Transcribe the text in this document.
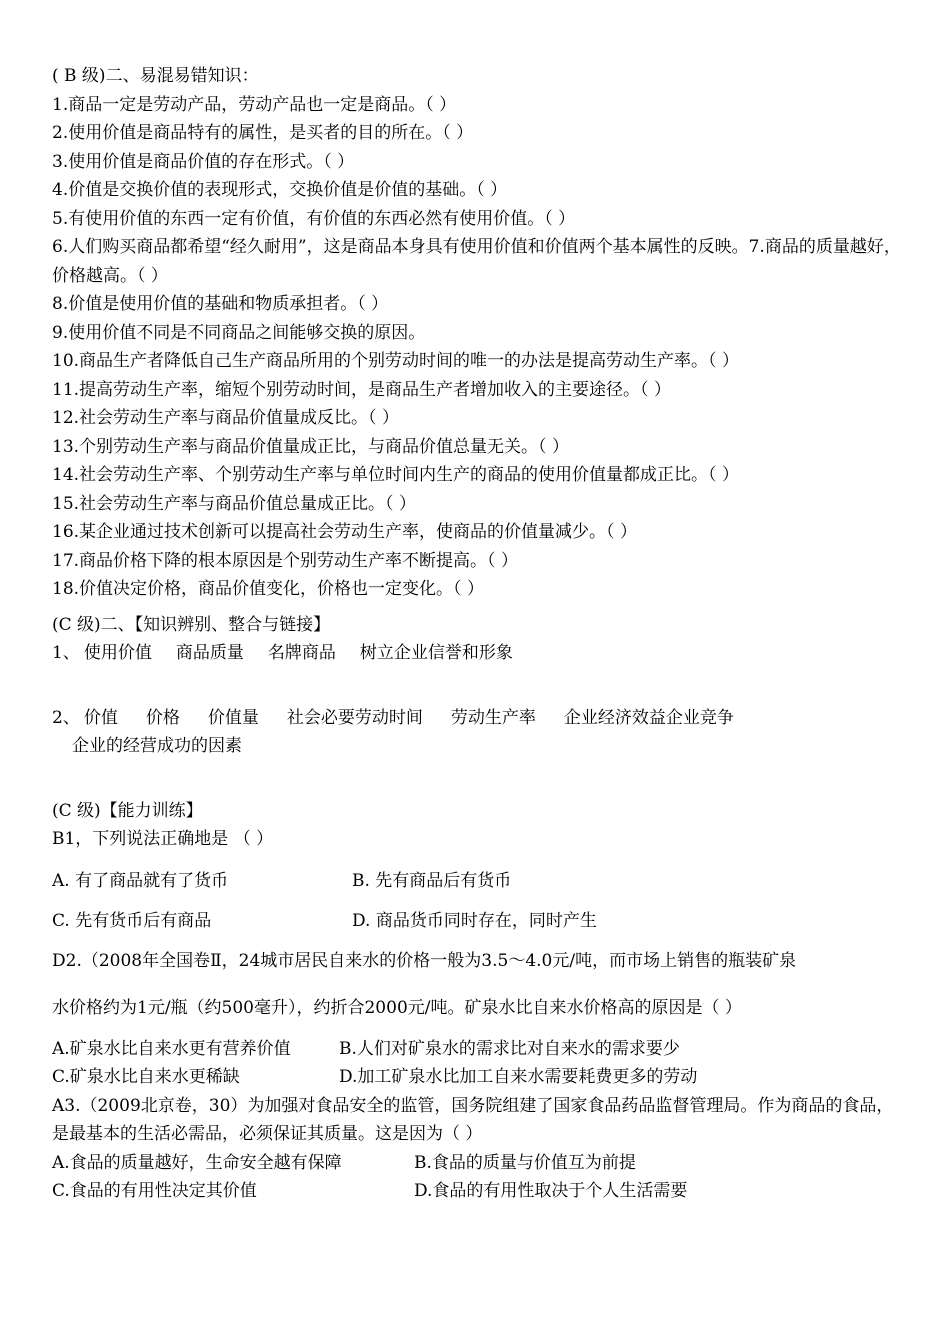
( B 级)二、易混易错知识：
1.商品一定是劳动产品，劳动产品也一定是商品。（ ）
2.使用价值是商品特有的属性，是买者的目的所在。（ ）
3.使用价值是商品价值的存在形式。（ ）
4.价值是交换价值的表现形式，交换价值是价值的基础。（ ）
5.有使用价值的东西一定有价值，有价值的东西必然有使用价值。（ ）
6.人们购买商品都希望“经久耐用”，这是商品本身具有使用价值和价值两个基本属性的反映。7.商品的质量越好，价格越高。（ ）
8.价值是使用价值的基础和物质承担者。（ ）
9.使用价值不同是不同商品之间能够交换的原因。
10.商品生产者降低自己生产商品所用的个别劳动时间的唯一的办法是提高劳动生产率。（ ）
11.提高劳动生产率，缩短个别劳动时间，是商品生产者增加收入的主要途径。（ ）
12.社会劳动生产率与商品价值量成反比。（ ）
13.个别劳动生产率与商品价值量成正比，与商品价值总量无关。（ ）
14.社会劳动生产率、个别劳动生产率与单位时间内生产的商品的使用价值量都成正比。（ ）
15.社会劳动生产率与商品价值总量成正比。（ ）
16.某企业通过技术创新可以提高社会劳动生产率，使商品的价值量减少。（ ）
17.商品价格下降的根本原因是个别劳动生产率不断提高。（ ）
18.价值决定价格，商品价值变化，价格也一定变化。（ ）
(C 级)二、【知识辨别、整合与链接】
1、 使用价值 商品质量 名牌商品 树立企业信誉和形象
2、 价值 价格 价值量 社会必要劳动时间 劳动生产率 企业经济效益企业竞争
企业的经营成功的因素
(C 级)【能力训练】
B1，下列说法正确地是 （ ）
A. 有了商品就有了货币	B. 先有商品后有货币
C. 先有货币后有商品	D. 商品货币同时存在，同时产生
D2.（2008年全国卷Ⅱ，24城市居民自来水的价格一般为3.5～4.0元/吨，而市场上销售的瓶装矿泉
水价格约为1元/瓶（约500毫升），约折合2000元/吨。矿泉水比自来水价格高的原因是（ ）
A.矿泉水比自来水更有营养价值	B.人们对矿泉水的需求比对自来水的需求要少
C.矿泉水比自来水更稀缺	D.加工矿泉水比加工自来水需要耗费更多的劳动
A3.（2009北京卷，30）为加强对食品安全的监管，国务院组建了国家食品药品监督管理局。作为商品的食品，是最基本的生活必需品，必须保证其质量。这是因为（ ）
A.食品的质量越好，生命安全越有保障	B.食品的质量与价值互为前提
C.食品的有用性决定其价值	D.食品的有用性取决于个人生活需要
